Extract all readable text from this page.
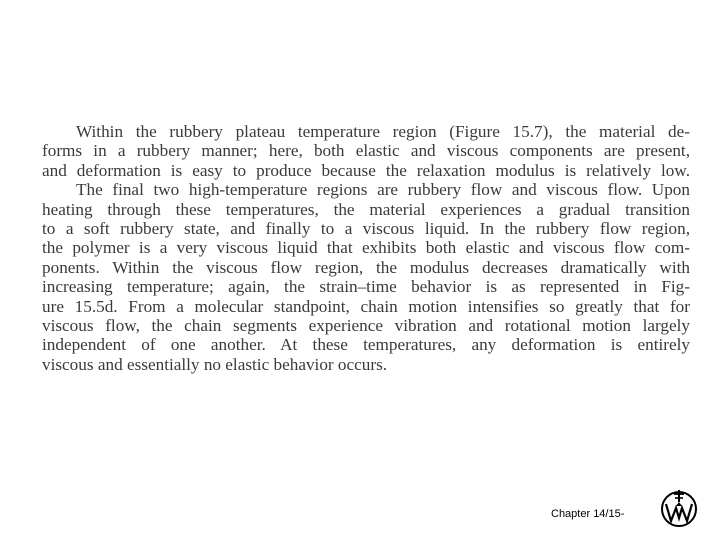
Within the rubbery plateau temperature region (Figure 15.7), the material de-
forms in a rubbery manner; here, both elastic and viscous components are present,
and deformation is easy to produce because the relaxation modulus is relatively low.
The final two high-temperature regions are rubbery flow and viscous flow. Upon
heating through these temperatures, the material experiences a gradual transition
to a soft rubbery state, and finally to a viscous liquid. In the rubbery flow region,
the polymer is a very viscous liquid that exhibits both elastic and viscous flow com-
ponents. Within the viscous flow region, the modulus decreases dramatically with
increasing temperature; again, the strain–time behavior is as represented in Fig-
ure 15.5d. From a molecular standpoint, chain motion intensifies so greatly that for
viscous flow, the chain segments experience vibration and rotational motion largely
independent of one another. At these temperatures, any deformation is entirely
viscous and essentially no elastic behavior occurs.
Chapter 14/15-
